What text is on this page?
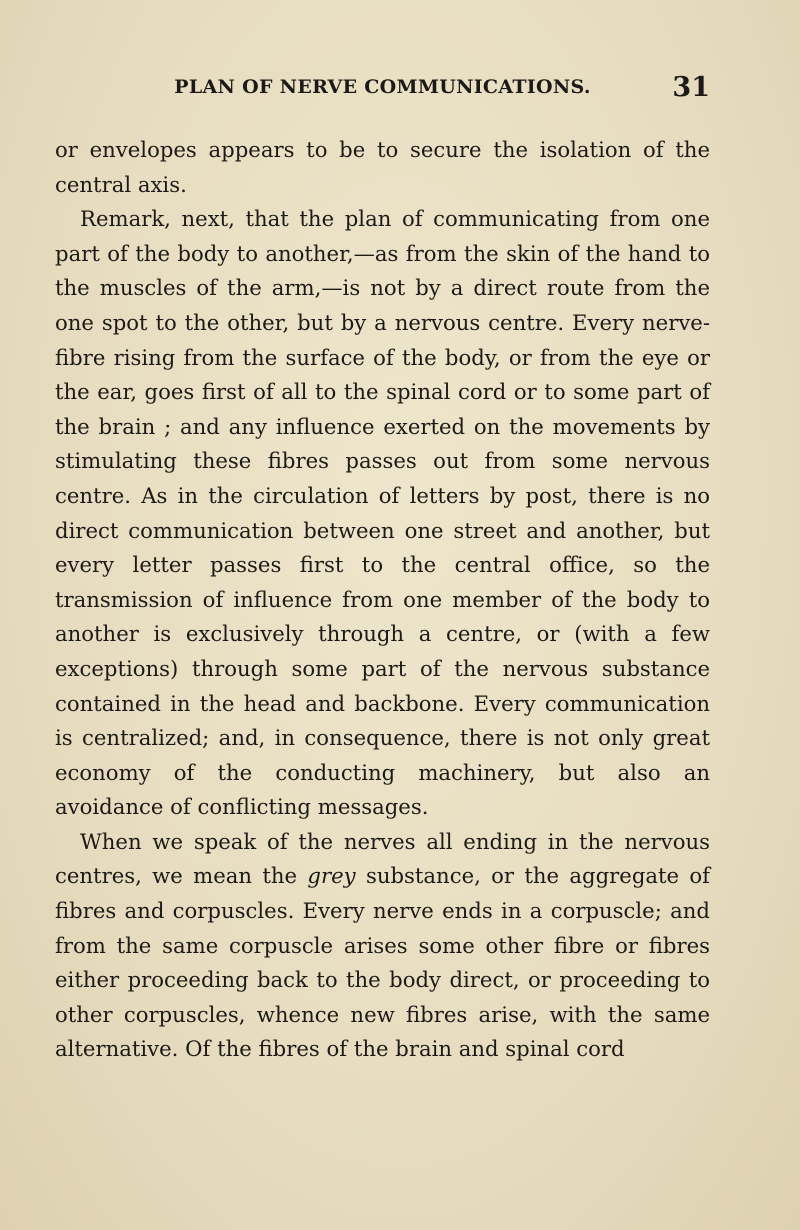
PLAN OF NERVE COMMUNICATIONS.	31

or envelopes appears to be to secure the isolation of the central axis.

Remark, next, that the plan of communicating from one part of the body to another,—as from the skin of the hand to the muscles of the arm,—is not by a direct route from the one spot to the other, but by a nervous centre. Every nerve-fibre rising from the surface of the body, or from the eye or the ear, goes first of all to the spinal cord or to some part of the brain ; and any influence exerted on the movements by stimulating these fibres passes out from some nervous centre. As in the circulation of letters by post, there is no direct communication between one street and another, but every letter passes first to the central office, so the transmission of influence from one member of the body to another is exclusively through a centre, or (with a few exceptions) through some part of the nervous substance contained in the head and backbone. Every communication is centralized; and, in consequence, there is not only great economy of the conducting machinery, but also an avoidance of conflicting messages.

When we speak of the nerves all ending in the nervous centres, we mean the grey substance, or the aggregate of fibres and corpuscles. Every nerve ends in a corpuscle; and from the same corpuscle arises some other fibre or fibres either proceeding back to the body direct, or proceeding to other corpuscles, whence new fibres arise, with the same alternative. Of the fibres of the brain and spinal cord
